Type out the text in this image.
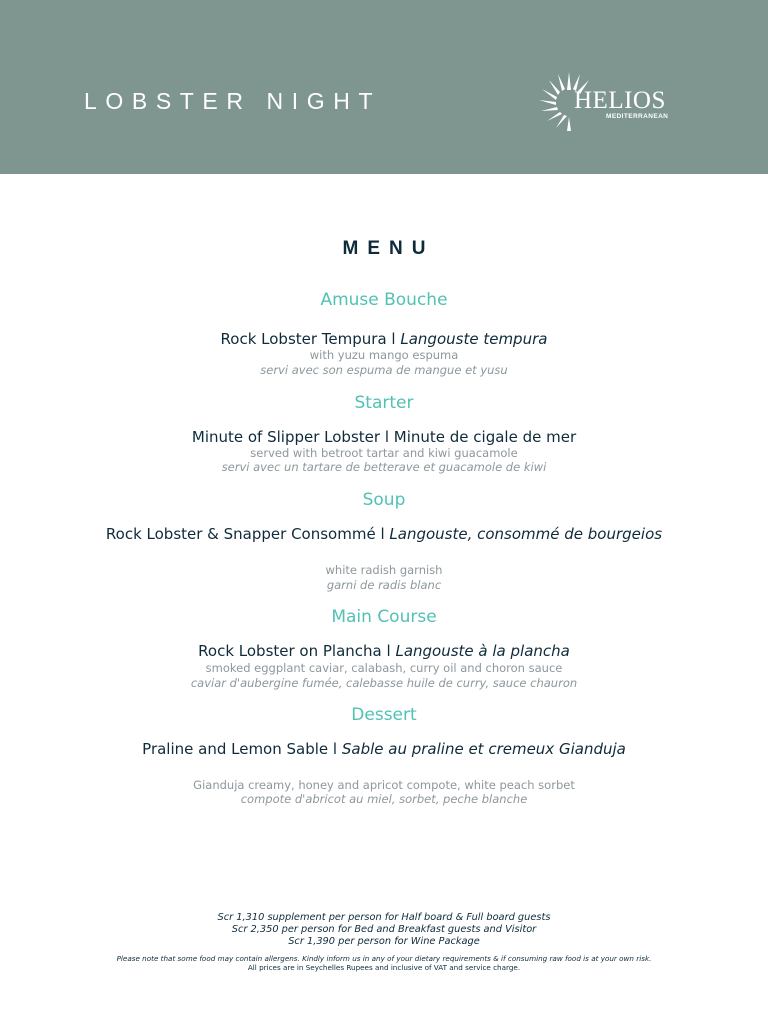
LOBSTER NIGHT	HELIOS
MEDITERRANEAN
MENU
Amuse Bouche
Rock Lobster Tempura l Langouste tempura
with yuzu mango espuma
servi avec son espuma de mangue et yusu
Starter
Minute of Slipper Lobster l Minute de cigale de mer
served with betroot tartar and kiwi guacamole
servi avec un tartare de betterave et guacamole de kiwi
Soup
Rock Lobster & Snapper Consommé l Langouste, consommé de bourgeios
white radish garnish
garni de radis blanc
Main Course
Rock Lobster on Plancha l Langouste à la plancha
smoked eggplant caviar, calabash, curry oil and choron sauce
caviar d'aubergine fumée, calebasse huile de curry, sauce chauron
Dessert
Praline and Lemon Sable l Sable au praline et cremeux Gianduja
Gianduja creamy, honey and apricot compote, white peach sorbet
compote d'abricot au miel, sorbet, peche blanche
Scr 1,310 supplement per person for Half board & Full board guests
Scr 2,350 per person for Bed and Breakfast guests and Visitor
Scr 1,390 per person for Wine Package
Please note that some food may contain allergens. Kindly inform us in any of your dietary requirements & if consuming raw food is at your own risk.
All prices are in Seychelles Rupees and inclusive of VAT and service charge.
